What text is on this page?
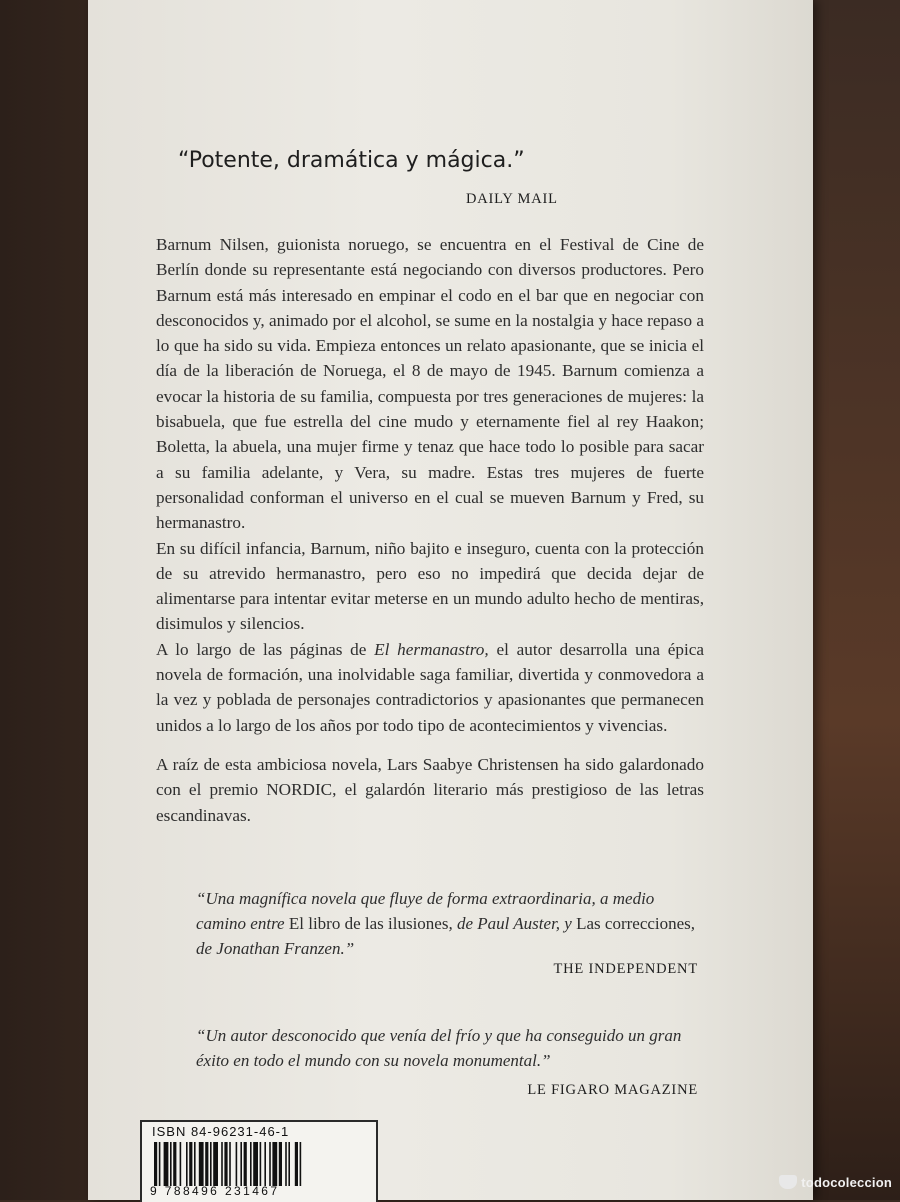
“Potente, dramática y mágica.”
DAILY MAIL

Barnum Nilsen, guionista noruego, se encuentra en el Festival de Cine de Berlín donde su representante está negociando con diversos productores. Pero Barnum está más interesado en empinar el codo en el bar que en negociar con desconocidos y, animado por el alcohol, se sume en la nostalgia y hace repaso a lo que ha sido su vida. Empieza entonces un relato apasionante, que se inicia el día de la liberación de Noruega, el 8 de mayo de 1945. Barnum comienza a evocar la historia de su familia, compuesta por tres generaciones de mujeres: la bisabuela, que fue estrella del cine mudo y eternamente fiel al rey Haakon; Boletta, la abuela, una mujer firme y tenaz que hace todo lo posible para sacar a su familia adelante, y Vera, su madre. Estas tres mujeres de fuerte personalidad conforman el universo en el cual se mueven Barnum y Fred, su hermanastro.

En su difícil infancia, Barnum, niño bajito e inseguro, cuenta con la protección de su atrevido hermanastro, pero eso no impedirá que decida dejar de alimentarse para intentar evitar meterse en un mundo adulto hecho de mentiras, disimulos y silencios.

A lo largo de las páginas de El hermanastro, el autor desarrolla una épica novela de formación, una inolvidable saga familiar, divertida y conmovedora a la vez y poblada de personajes contradictorios y apasionantes que permanecen unidos a lo largo de los años por todo tipo de acontecimientos y vivencias.

A raíz de esta ambiciosa novela, Lars Saabye Christensen ha sido galardonado con el premio NORDIC, el galardón literario más prestigioso de las letras escandinavas.

“Una magnífica novela que fluye de forma extraordinaria, a medio camino entre El libro de las ilusiones, de Paul Auster, y Las correcciones, de Jonathan Franzen.”
THE INDEPENDENT
“Un autor desconocido que venía del frío y que ha conseguido un gran éxito en todo el mundo con su novela monumental.”
LE FIGARO MAGAZINE
ISBN 84-96231-46-1
9 788496 231467
todocoleccion
